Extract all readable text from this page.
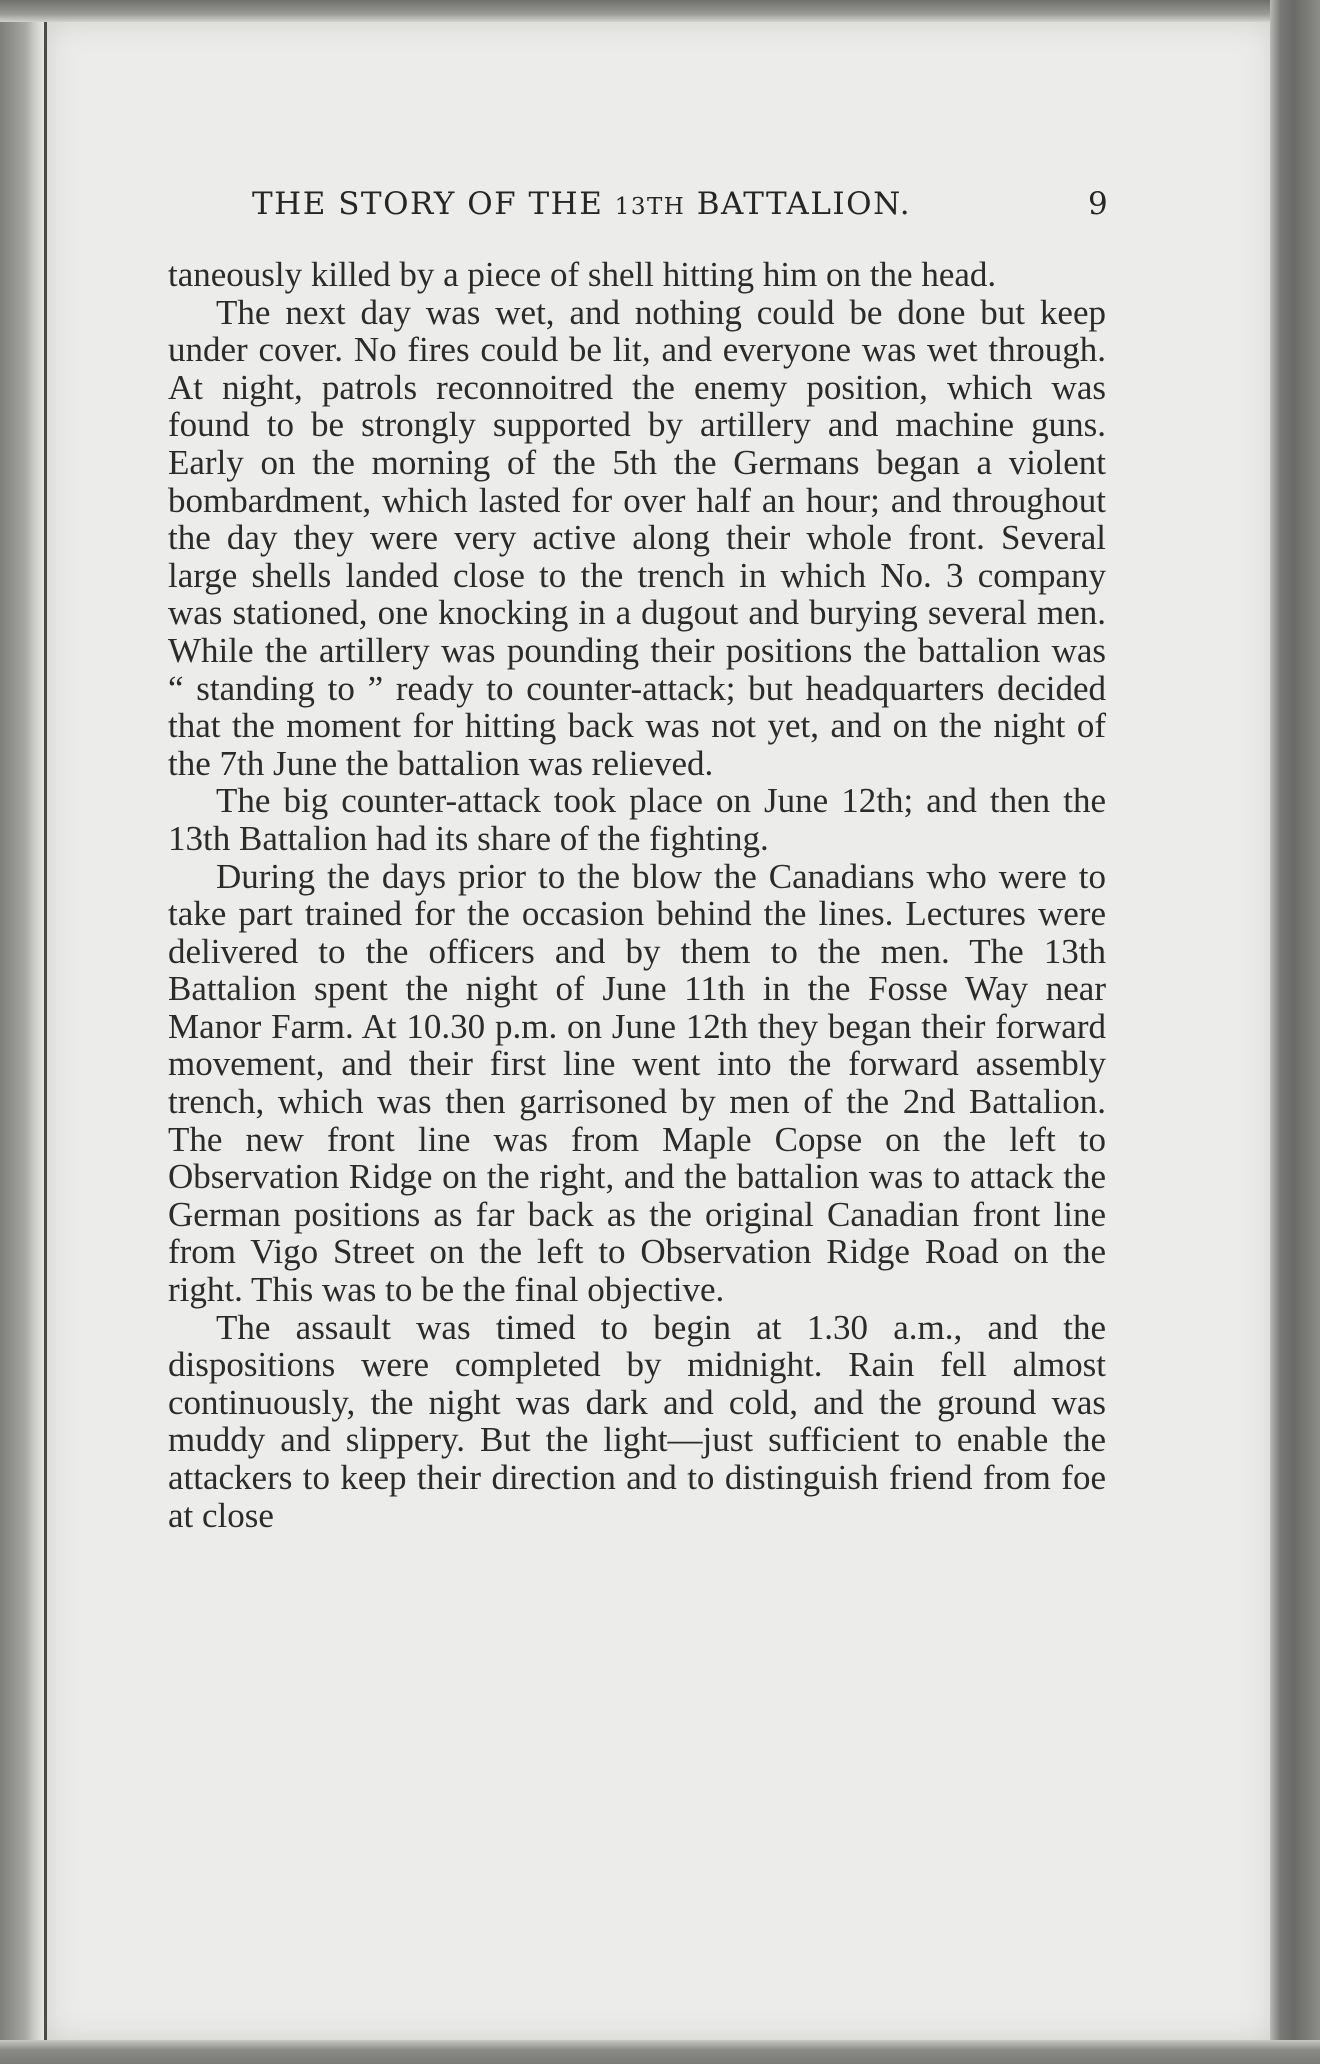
THE STORY OF THE 13TH BATTALION.	9

taneously killed by a piece of shell hitting him on the head.

The next day was wet, and nothing could be done but keep under cover. No fires could be lit, and everyone was wet through. At night, patrols reconnoitred the enemy position, which was found to be strongly supported by artillery and machine guns. Early on the morning of the 5th the Germans began a violent bombardment, which lasted for over half an hour; and throughout the day they were very active along their whole front. Several large shells landed close to the trench in which No. 3 company was stationed, one knocking in a dugout and burying several men. While the artillery was pounding their positions the battalion was “ standing to ” ready to counter-attack; but headquarters decided that the moment for hitting back was not yet, and on the night of the 7th June the battalion was relieved.

The big counter-attack took place on June 12th; and then the 13th Battalion had its share of the fighting.

During the days prior to the blow the Canadians who were to take part trained for the occasion behind the lines. Lectures were delivered to the officers and by them to the men. The 13th Battalion spent the night of June 11th in the Fosse Way near Manor Farm. At 10.30 p.m. on June 12th they began their forward movement, and their first line went into the forward assembly trench, which was then garrisoned by men of the 2nd Battalion. The new front line was from Maple Copse on the left to Observation Ridge on the right, and the battalion was to attack the German positions as far back as the original Canadian front line from Vigo Street on the left to Observation Ridge Road on the right. This was to be the final objective.

The assault was timed to begin at 1.30 a.m., and the dispositions were completed by midnight. Rain fell almost continuously, the night was dark and cold, and the ground was muddy and slippery. But the light—just sufficient to enable the attackers to keep their direction and to distinguish friend from foe at close
